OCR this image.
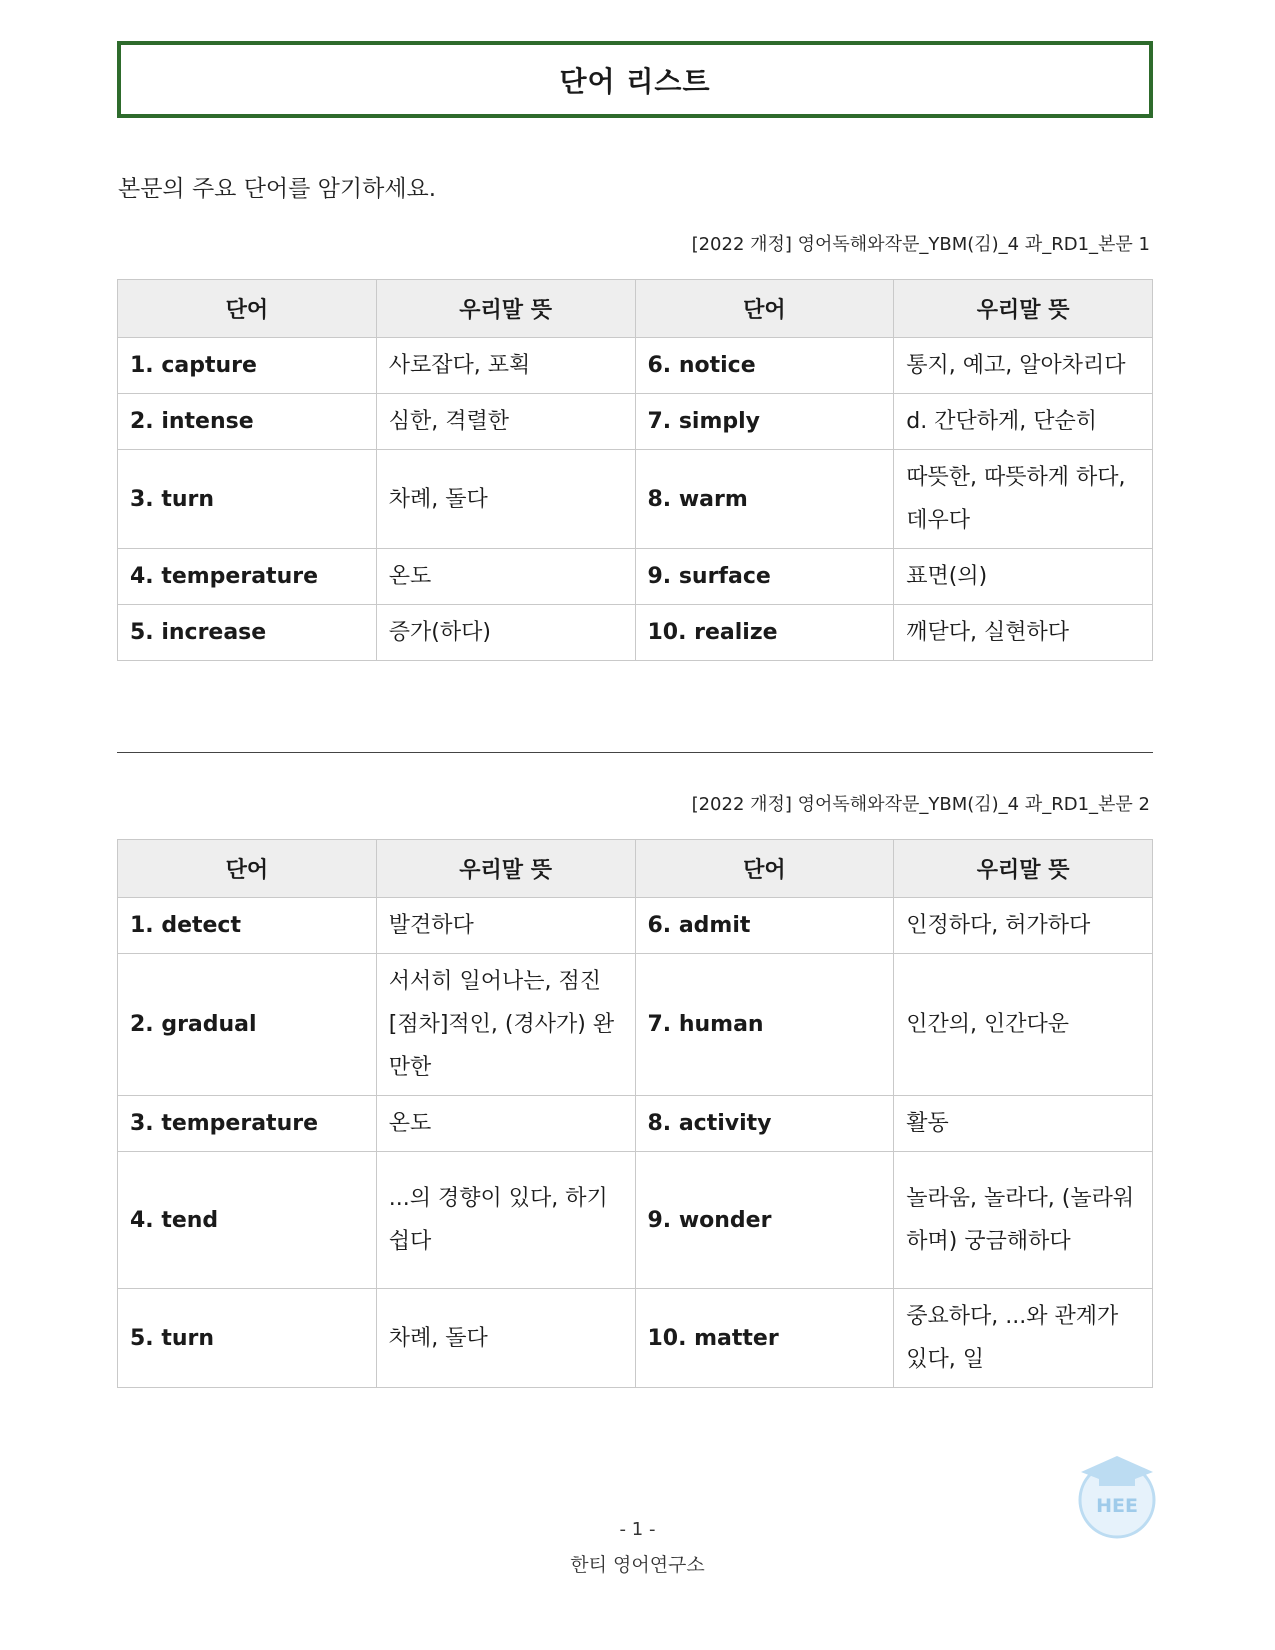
단어 리스트
본문의 주요 단어를 암기하세요.
[2022 개정] 영어독해와작문_YBM(김)_4 과_RD1_본문 1
단어	우리말 뜻	단어	우리말 뜻
1. capture	사로잡다, 포획	6. notice	통지, 예고, 알아차리다
2. intense	심한, 격렬한	7. simply	d. 간단하게, 단순히
3. turn	차례, 돌다	8. warm	따뜻한, 따뜻하게 하다, 데우다
4. temperature	온도	9. surface	표면(의)
5. increase	증가(하다)	10. realize	깨닫다, 실현하다
[2022 개정] 영어독해와작문_YBM(김)_4 과_RD1_본문 2
단어	우리말 뜻	단어	우리말 뜻
1. detect	발견하다	6. admit	인정하다, 허가하다
2. gradual	서서히 일어나는, 점진[점차]적인, (경사가) 완만한	7. human	인간의, 인간다운
3. temperature	온도	8. activity	활동
4. tend	...의 경향이 있다, 하기 쉽다	9. wonder	놀라움, 놀라다, (놀라워하며) 궁금해하다
5. turn	차례, 돌다	10. matter	중요하다, ...와 관계가 있다, 일
HEE
- 1 -
한티 영어연구소
